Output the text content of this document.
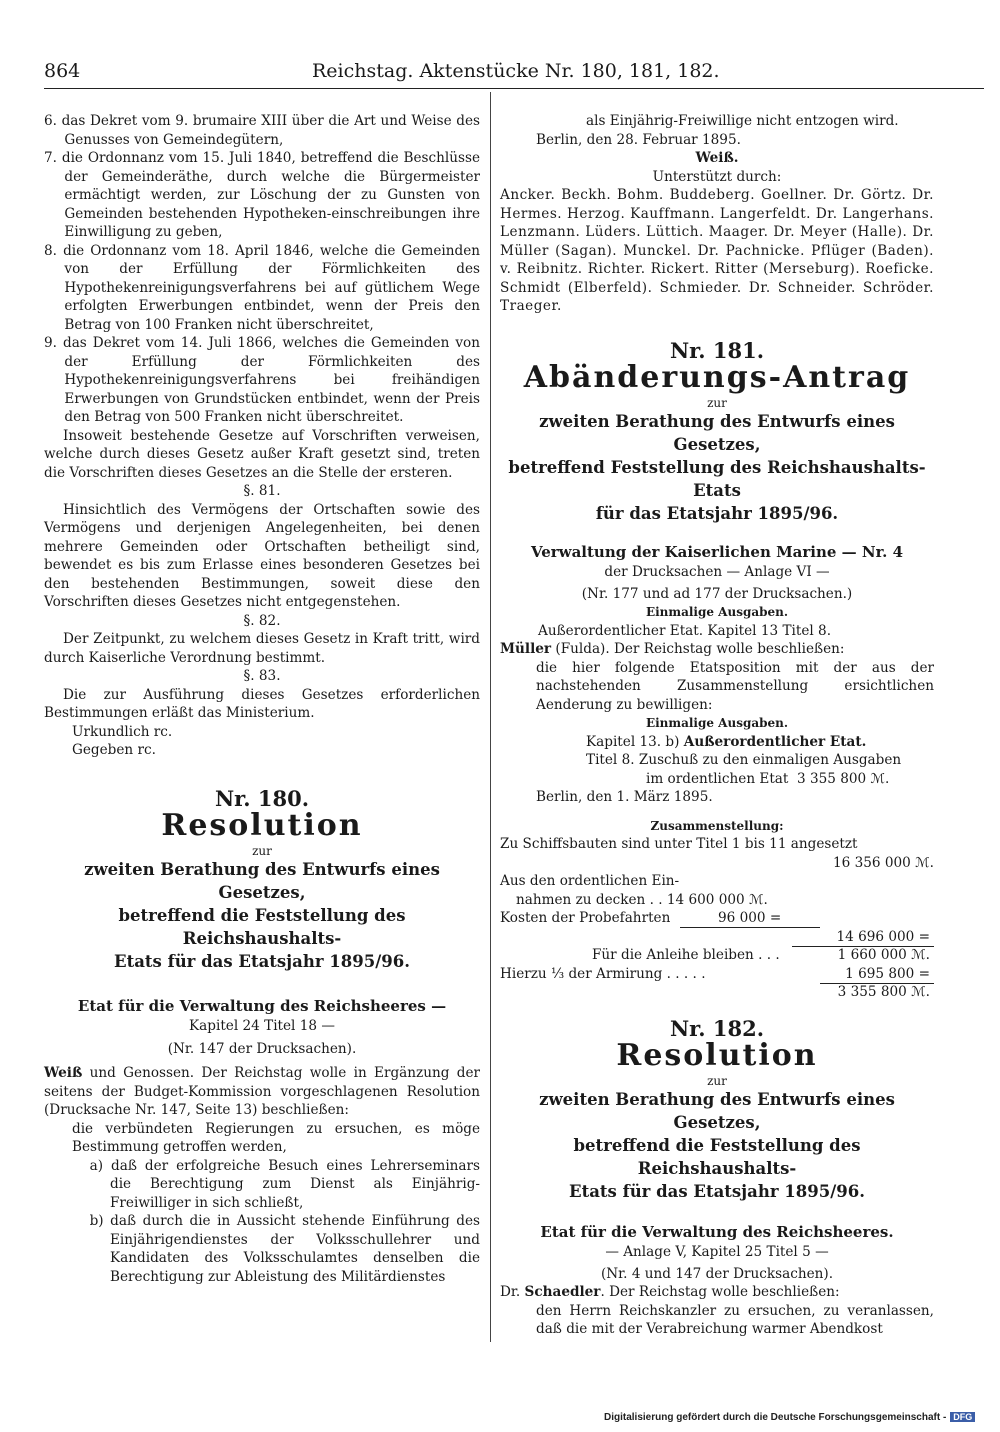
864	Reichstag. Aktenstücke Nr. 180, 181, 182.

6. das Dekret vom 9. brumaire XIII über die Art und Weise des Genusses von Gemeindegütern,

7. die Ordonnanz vom 15. Juli 1840, betreffend die Beschlüsse der Gemeinderäthe, durch welche die Bürgermeister ermächtigt werden, zur Löschung der zu Gunsten von Gemeinden bestehenden Hypotheken-einschreibungen ihre Einwilligung zu geben,

8. die Ordonnanz vom 18. April 1846, welche die Gemeinden von der Erfüllung der Förmlichkeiten des Hypothekenreinigungsverfahrens bei auf gütlichem Wege erfolgten Erwerbungen entbindet, wenn der Preis den Betrag von 100 Franken nicht überschreitet,

9. das Dekret vom 14. Juli 1866, welches die Gemeinden von der Erfüllung der Förmlichkeiten des Hypothekenreinigungsverfahrens bei freihändigen Erwerbungen von Grundstücken entbindet, wenn der Preis den Betrag von 500 Franken nicht überschreitet.

Insoweit bestehende Gesetze auf Vorschriften verweisen, welche durch dieses Gesetz außer Kraft gesetzt sind, treten die Vorschriften dieses Gesetzes an die Stelle der ersteren.

§. 81.

Hinsichtlich des Vermögens der Ortschaften sowie des Vermögens und derjenigen Angelegenheiten, bei denen mehrere Gemeinden oder Ortschaften betheiligt sind, bewendet es bis zum Erlasse eines besonderen Gesetzes bei den bestehenden Bestimmungen, soweit diese den Vorschriften dieses Gesetzes nicht entgegenstehen.

§. 82.

Der Zeitpunkt, zu welchem dieses Gesetz in Kraft tritt, wird durch Kaiserliche Verordnung bestimmt.

§. 83.

Die zur Ausführung dieses Gesetzes erforderlichen Bestimmungen erläßt das Ministerium.

Urkundlich rc.

Gegeben rc.

Nr. 180.

Resolution

zur

zweiten Berathung des Entwurfs eines Gesetzes,

betreffend die Feststellung des Reichshaushalts-

Etats für das Etatsjahr 1895/96.

Etat für die Verwaltung des Reichsheeres —

Kapitel 24 Titel 18 —

(Nr. 147 der Drucksachen).

Weiß und Genossen. Der Reichstag wolle in Ergänzung der seitens der Budget-Kommission vorgeschlagenen Resolution (Drucksache Nr. 147, Seite 13) beschließen:

die verbündeten Regierungen zu ersuchen, es möge Bestimmung getroffen werden,

a) daß der erfolgreiche Besuch eines Lehrerseminars die Berechtigung zum Dienst als Einjährig-Freiwilliger in sich schließt,

b) daß durch die in Aussicht stehende Einführung des Einjährigendienstes der Volksschullehrer und Kandidaten des Volksschulamtes denselben die Berechtigung zur Ableistung des Militärdienstes

als Einjährig-Freiwillige nicht entzogen wird.

Berlin, den 28. Februar 1895.

Weiß.

Unterstützt durch:

Ancker. Beckh. Bohm. Buddeberg. Goellner. Dr. Görtz. Dr. Hermes. Herzog. Kauffmann. Langerfeldt. Dr. Langerhans. Lenzmann. Lüders. Lüttich. Maager. Dr. Meyer (Halle). Dr. Müller (Sagan). Munckel. Dr. Pachnicke. Pflüger (Baden). v. Reibnitz. Richter. Rickert. Ritter (Merseburg). Roeficke. Schmidt (Elberfeld). Schmieder. Dr. Schneider. Schröder. Traeger.

Nr. 181.

Abänderungs-Antrag

zur

zweiten Berathung des Entwurfs eines Gesetzes,

betreffend Feststellung des Reichshaushalts-Etats

für das Etatsjahr 1895/96.

Verwaltung der Kaiserlichen Marine — Nr. 4

der Drucksachen — Anlage VI —

(Nr. 177 und ad 177 der Drucksachen.)

Einmalige Ausgaben.

Außerordentlicher Etat. Kapitel 13 Titel 8.

Müller (Fulda). Der Reichstag wolle beschließen:

die hier folgende Etatsposition mit der aus der nachstehenden Zusammenstellung ersichtlichen Aenderung zu bewilligen:

Einmalige Ausgaben.

Kapitel 13. b) Außerordentlicher Etat.

Titel 8. Zuschuß zu den einmaligen Ausgaben

im ordentlichen Etat 3 355 800 ℳ.

Berlin, den 1. März 1895.

Zusammenstellung:

Zu Schiffsbauten sind unter Titel 1 bis 11 angesetzt

16 356 000 ℳ.

Aus den ordentlichen Ein-
nahmen zu decken . . 14 600 000 ℳ.
Kosten der Probefahrten	96 000 =
14 696 000 =
Für die Anleihe bleiben . . .	1 660 000 ℳ.
Hierzu ⅓ der Armirung . . . . .	1 695 800 =
3 355 800 ℳ.

Nr. 182.

Resolution

zur

zweiten Berathung des Entwurfs eines Gesetzes,

betreffend die Feststellung des Reichshaushalts-

Etats für das Etatsjahr 1895/96.

Etat für die Verwaltung des Reichsheeres.

— Anlage V, Kapitel 25 Titel 5 —

(Nr. 4 und 147 der Drucksachen).

Dr. Schaedler. Der Reichstag wolle beschließen:

den Herrn Reichskanzler zu ersuchen, zu veranlassen, daß die mit der Verabreichung warmer Abendkost

Digitalisierung gefördert durch die Deutsche Forschungsgemeinschaft - DFG
